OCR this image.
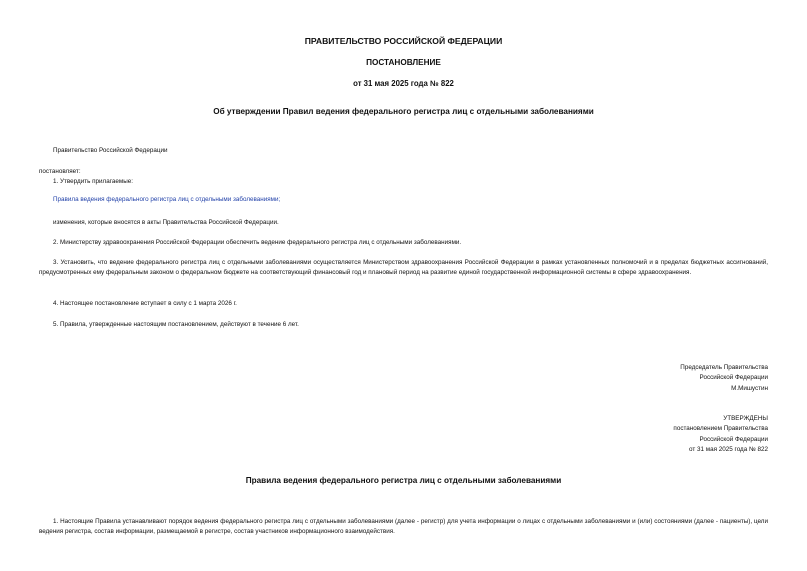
ПРАВИТЕЛЬСТВО РОССИЙСКОЙ ФЕДЕРАЦИИ
ПОСТАНОВЛЕНИЕ
от 31 мая 2025 года № 822
Об утверждении Правил ведения федерального регистра лиц с отдельными заболеваниями
Правительство Российской Федерации
постановляет:
1. Утвердить прилагаемые:
Правила ведения федерального регистра лиц с отдельными заболеваниями;
изменения, которые вносятся в акты Правительства Российской Федерации.
2. Министерству здравоохранения Российской Федерации обеспечить ведение федерального регистра лиц с отдельными заболеваниями.
3. Установить, что ведение федерального регистра лиц с отдельными заболеваниями осуществляется Министерством здравоохранения Российской Федерации в рамках установленных полномочий и в пределах бюджетных ассигнований, предусмотренных ему федеральным законом о федеральном бюджете на соответствующий финансовый год и плановый период на развитие единой государственной информационной системы в сфере здравоохранения.
4. Настоящее постановление вступает в силу с 1 марта 2026 г.
5. Правила, утвержденные настоящим постановлением, действуют в течение 6 лет.
Председатель Правительства
Российской Федерации
М.Мишустин
УТВЕРЖДЕНЫ
постановлением Правительства
Российской Федерации
от 31 мая 2025 года № 822
Правила ведения федерального регистра лиц с отдельными заболеваниями
1. Настоящие Правила устанавливают порядок ведения федерального регистра лиц с отдельными заболеваниями (далее - регистр) для учета информации о лицах с отдельными заболеваниями и (или) состояниями (далее - пациенты), цели ведения регистра, состав информации, размещаемой в регистре, состав участников информационного взаимодействия.
